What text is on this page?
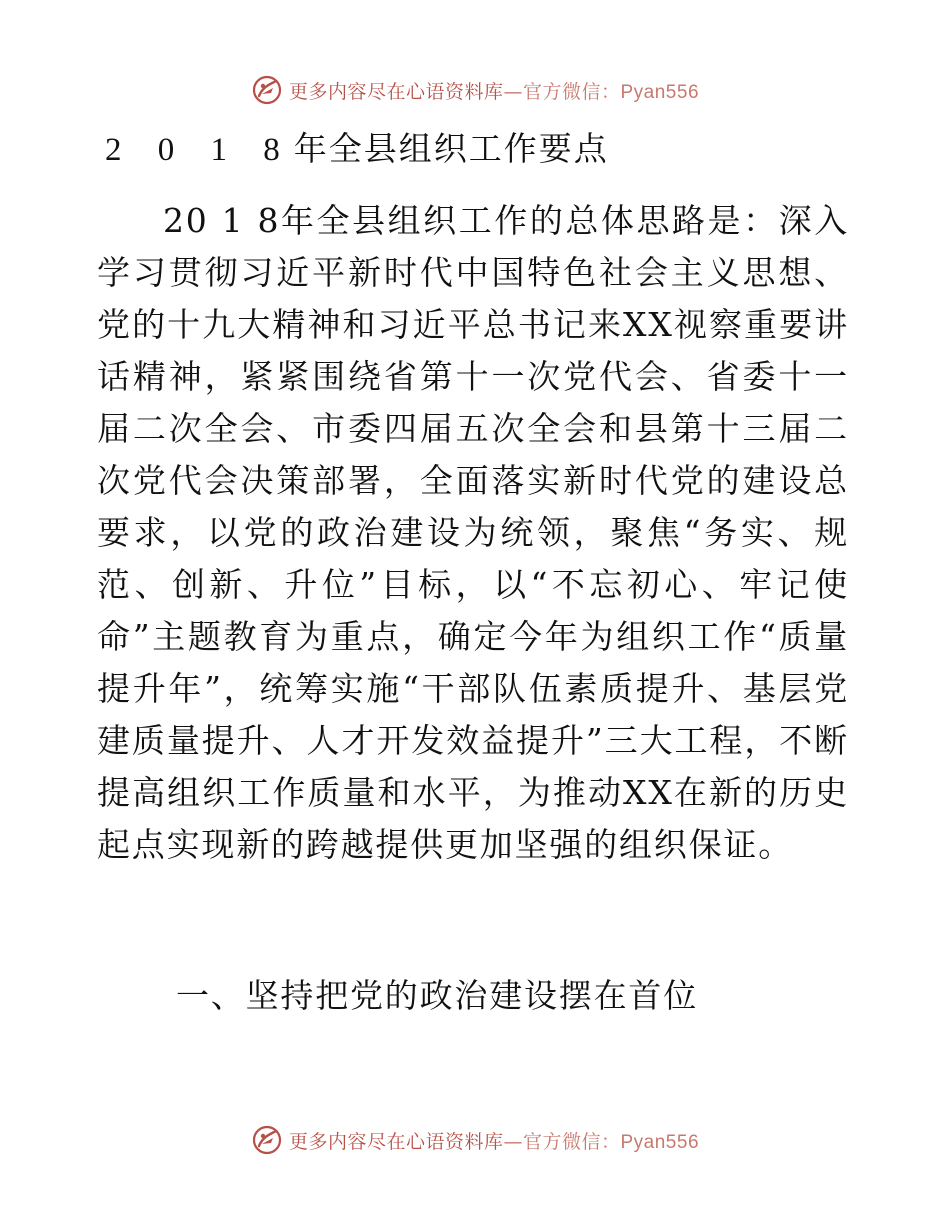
更多内容尽在心语资料库—官方微信：Pyan556
2 0 1 8年全县组织工作要点
20 1 8年全县组织工作的总体思路是：深入学习贯彻习近平新时代中国特色社会主义思想、党的十九大精神和习近平总书记来XX视察重要讲话精神，紧紧围绕省第十一次党代会、省委十一届二次全会、市委四届五次全会和县第十三届二次党代会决策部署，全面落实新时代党的建设总要求，以党的政治建设为统领，聚焦“务实、规范、创新、升位”目标，以“不忘初心、牢记使命”主题教育为重点，确定今年为组织工作“质量提升年”，统筹实施“干部队伍素质提升、基层党建质量提升、人才开发效益提升”三大工程，不断提高组织工作质量和水平，为推动XX在新的历史起点实现新的跨越提供更加坚强的组织保证。
一、坚持把党的政治建设摆在首位
更多内容尽在心语资料库—官方微信：Pyan556
